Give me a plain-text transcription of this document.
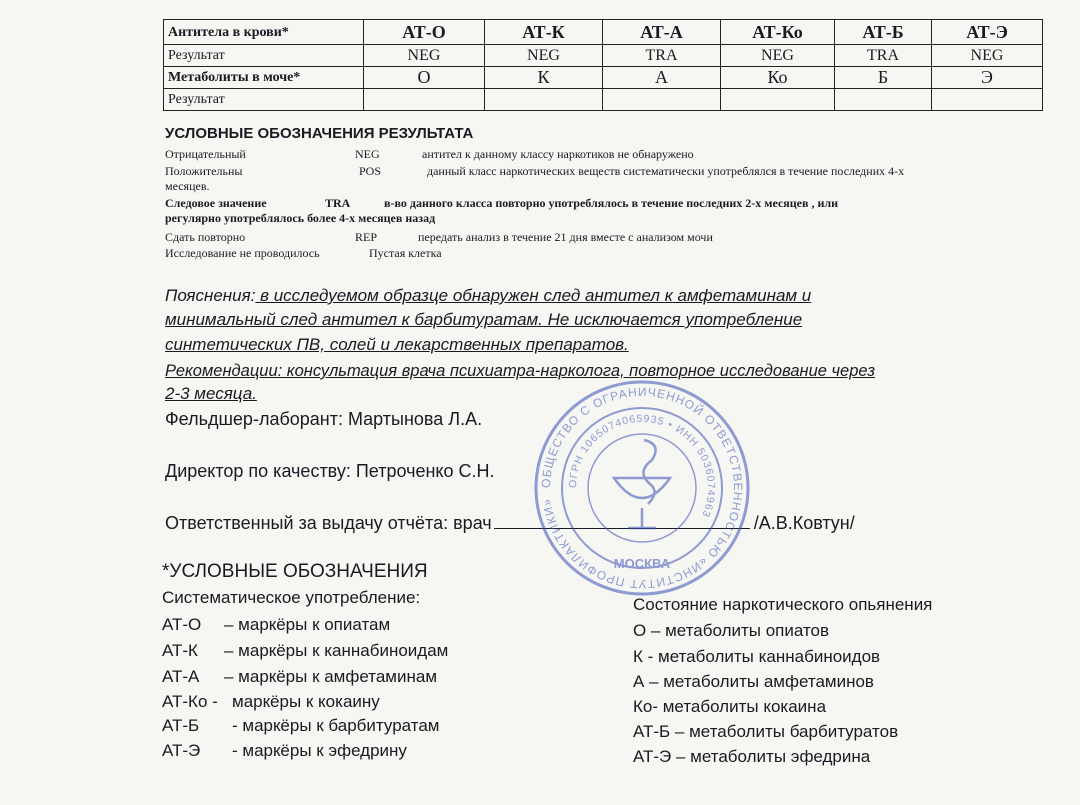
Антитела в крови*	АТ-О	АТ-К	АТ-А	АТ-Ко	АТ-Б	АТ-Э
Результат	NEG	NEG	TRA	NEG	TRA	NEG
Метаболиты в моче*	О	К	А	Ко	Б	Э
Результат						
УСЛОВНЫЕ ОБОЗНАЧЕНИЯ РЕЗУЛЬТАТА
Отрицательный	NEG	антител к данному классу наркотиков не обнаружено
Положительны	POS	данный класс наркотических веществ систематически употреблялся в течение последних 4-х
месяцев.
Следовое значение	TRA	в-во данного класса повторно употреблялось в течение последних 2-х месяцев , или
регулярно употреблялось более 4-х месяцев назад
Сдать повторно	REP	передать анализ в течение 21 дня вместе с анализом мочи
Исследование не проводилось	Пустая клетка
Пояснения: в исследуемом образце обнаружен след антител к амфетаминам и
минимальный след антител к барбитуратам. Не исключается употребление
синтетических ПВ, солей и лекарственных препаратов.
Рекомендации: консультация врача психиатра-нарколога, повторное исследование через
2-3 месяца.
Фельдшер-лаборант: Мартынова Л.А.
Директор по качеству: Петроченко С.Н.
Ответственный за выдачу отчёта: врач	/А.В.Ковтун/
ОБЩЕСТВО С ОГРАНИЧЕННОЙ ОТВЕТСТВЕННОСТЬЮ «ИНСТИТУТ ПРОФИЛАКТИКИ»
ОГРН 1065074065935 • ИНН 5036074963
МОСКВА
*УСЛОВНЫЕ ОБОЗНАЧЕНИЯ
Систематическое употребление:
АТ-О – маркёры к опиатам
АТ-К – маркёры к каннабиноидам
АТ-А – маркёры к амфетаминам
АТ-Ко - маркёры к кокаину
АТ-Б - маркёры к барбитуратам
АТ-Э - маркёры к эфедрину
Состояние наркотического опьянения
О – метаболиты опиатов
К - метаболиты каннабиноидов
А – метаболиты амфетаминов
Ко- метаболиты кокаина
АТ-Б – метаболиты барбитуратов
АТ-Э – метаболиты эфедрина
